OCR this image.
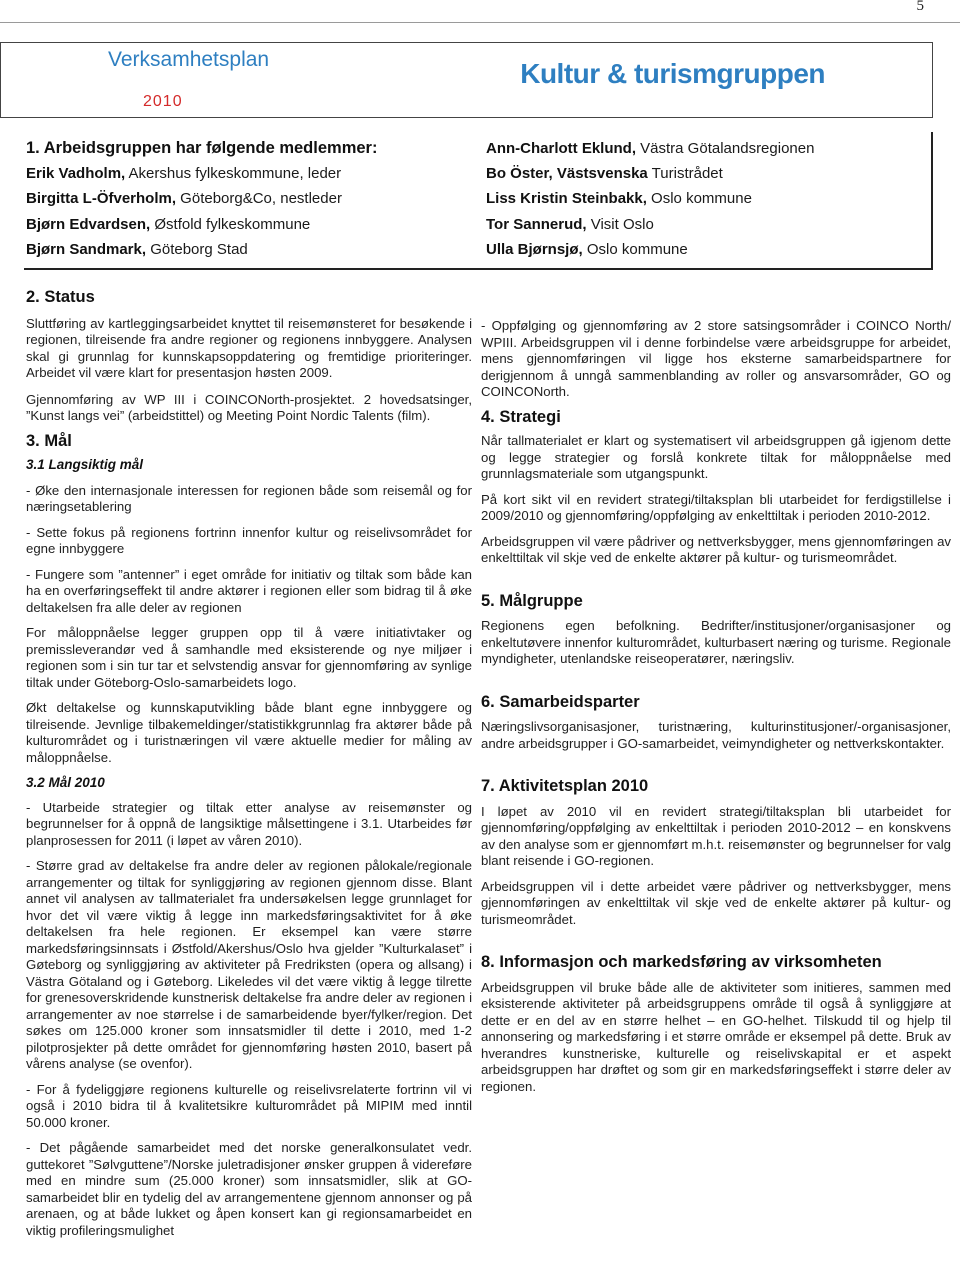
5
Verksamhetsplan
2010
Kultur & turismgruppen
1. Arbeidsgruppen har følgende medlemmer:
Erik Vadholm, Akershus fylkeskommune, leder
Birgitta L-Öfverholm, Göteborg&Co, nestleder
Bjørn Edvardsen, Østfold fylkeskommune
Bjørn Sandmark, Göteborg Stad
Ann-Charlott Eklund, Västra Götalandsregionen
Bo Öster, Västsvenska Turistrådet
Liss Kristin Steinbakk, Oslo kommune
Tor Sannerud, Visit Oslo
Ulla Bjørnsjø, Oslo kommune
2. Status

Sluttføring av kartleggingsarbeidet knyttet til reisemønsteret for besøkende i regionen, tilreisende fra andre regioner og regionens innbyggere. Analysen skal gi grunnlag for kunnskapsoppdatering og fremtidige prioriteringer. Arbeidet vil være klart for presentasjon høsten 2009.

Gjennomføring av WP III i COINCONorth-prosjektet. 2 hovedsatsinger, ”Kunst langs vei” (arbeidstittel) og Meeting Point Nordic Talents (film).

3. Mål
3.1 Langsiktig mål

- Øke den internasjonale interessen for regionen både som reisemål og for næringsetablering

- Sette fokus på regionens fortrinn innenfor kultur og reiselivsområdet for egne innbyggere

- Fungere som ”antenner” i eget område for initiativ og tiltak som både kan ha en overføringseffekt til andre aktører i regionen eller som bidrag til å øke deltakelsen fra alle deler av regionen

For måloppnåelse legger gruppen opp til å være initiativtaker og premissleverandør ved å samhandle med eksisterende og nye miljøer i regionen som i sin tur tar et selvstendig ansvar for gjennomføring av synlige tiltak under Göteborg-Oslo-samarbeidets logo.

Økt deltakelse og kunnskaputvikling både blant egne innbyggere og tilreisende. Jevnlige tilbakemeldinger/statistikkgrunnlag fra aktører både på kulturområdet og i turistnæringen vil være aktuelle medier for måling av måloppnåelse.

3.2 Mål 2010

- Utarbeide strategier og tiltak etter analyse av reisemønster og begrunnelser for å oppnå de langsiktige målsettingene i 3.1. Utarbeides før planprosessen for 2011 (i løpet av våren 2010).

- Større grad av deltakelse fra andre deler av regionen pålokale/regionale arrangementer og tiltak for synliggjøring av regionen gjennom disse. Blant annet vil analysen av tallmaterialet fra undersøkelsen legge grunnlaget for hvor det vil være viktig å legge inn markedsføringsaktivitet for å øke deltakelsen fra hele regionen. Er eksempel kan være større markedsføringsinnsats i Østfold/Akershus/Oslo hva gjelder ”Kulturkalaset” i Gøteborg og synliggjøring av aktiviteter på Fredriksten (opera og allsang) i Västra Götaland og i Gøteborg. Likeledes vil det være viktig å legge tilrette for grenesoverskridende kunstnerisk deltakelse fra andre deler av regionen i arrangementer av noe størrelse i de samarbeidende byer/fylker/region. Det søkes om 125.000 kroner som innsatsmidler til dette i 2010, med 1-2 pilotprosjekter på dette området for gjennomføring høsten 2010, basert på vårens analyse (se ovenfor).

- For å fydeliggjøre regionens kulturelle og reiselivsrelaterte fortrinn vil vi også i 2010 bidra til å kvalitetsikre kulturområdet på MIPIM med inntil 50.000 kroner.

- Det pågående samarbeidet med det norske generalkonsulatet vedr. guttekoret ”Sølvguttene”/Norske juletradisjoner ønsker gruppen å videreføre med en mindre sum (25.000 kroner) som innsatsmidler, slik at GO-samarbeidet blir en tydelig del av arrangementene gjennom annonser og på arenaen, og at både lukket og åpen konsert kan gi regionsamarbeidet en viktig profileringsmulighet

- Oppfølging og gjennomføring av 2 store satsingsområder i COINCO North/ WPIII. Arbeidsgruppen vil i denne forbindelse være arbeidsgruppe for arbeidet, mens gjennomføringen vil ligge hos eksterne samarbeidspartnere for derigjennom å unngå sammenblanding av roller og ansvarsområder, GO og COINCONorth.

4. Strategi

Når tallmaterialet er klart og systematisert vil arbeidsgruppen gå igjenom dette og legge strategier og forslå konkrete tiltak for måloppnåelse med grunnlagsmateriale som utgangspunkt.

På kort sikt vil en revidert strategi/tiltaksplan bli utarbeidet for ferdigstillelse i 2009/2010 og gjennomføring/oppfølging av enkelttiltak i perioden 2010-2012.

Arbeidsgruppen vil være pådriver og nettverksbygger, mens gjennomføringen av enkelttiltak vil skje ved de enkelte aktører på kultur- og turismeområdet.

5. Målgruppe

Regionens egen befolkning. Bedrifter/institusjoner/organisasjoner og enkeltutøvere innenfor kulturområdet, kulturbasert næring og turisme. Regionale myndigheter, utenlandske reiseoperatører, næringsliv.

6. Samarbeidsparter

Næringslivsorganisasjoner, turistnæring, kulturinstitusjoner/-organisasjoner, andre arbeidsgrupper i GO-samarbeidet, veimyndigheter og nettverkskontakter.

7. Aktivitetsplan 2010

I løpet av 2010 vil en revidert strategi/tiltaksplan bli utarbeidet for gjennomføring/oppfølging av enkelttiltak i perioden 2010-2012 – en konskvens av den analyse som er gjennomført m.h.t. reisemønster og begrunnelser for valg blant reisende i GO-regionen.

Arbeidsgruppen vil i dette arbeidet være pådriver og nettverksbygger, mens gjennomføringen av enkelttiltak vil skje ved de enkelte aktører på kultur- og turismeområdet.

8. Informasjon och markedsføring av virksomheten

Arbeidsgruppen vil bruke både alle de aktiviteter som initieres, sammen med eksisterende aktiviteter på arbeidsgruppens område til også å synliggjøre at dette er en del av en større helhet – en GO-helhet. Tilskudd til og hjelp til annonsering og markedsføring i et større område er eksempel på dette. Bruk av hverandres kunstneriske, kulturelle og reiselivskapital er et aspekt arbeidsgruppen har drøftet og som gir en markedsføringseffekt i større deler av regionen.
